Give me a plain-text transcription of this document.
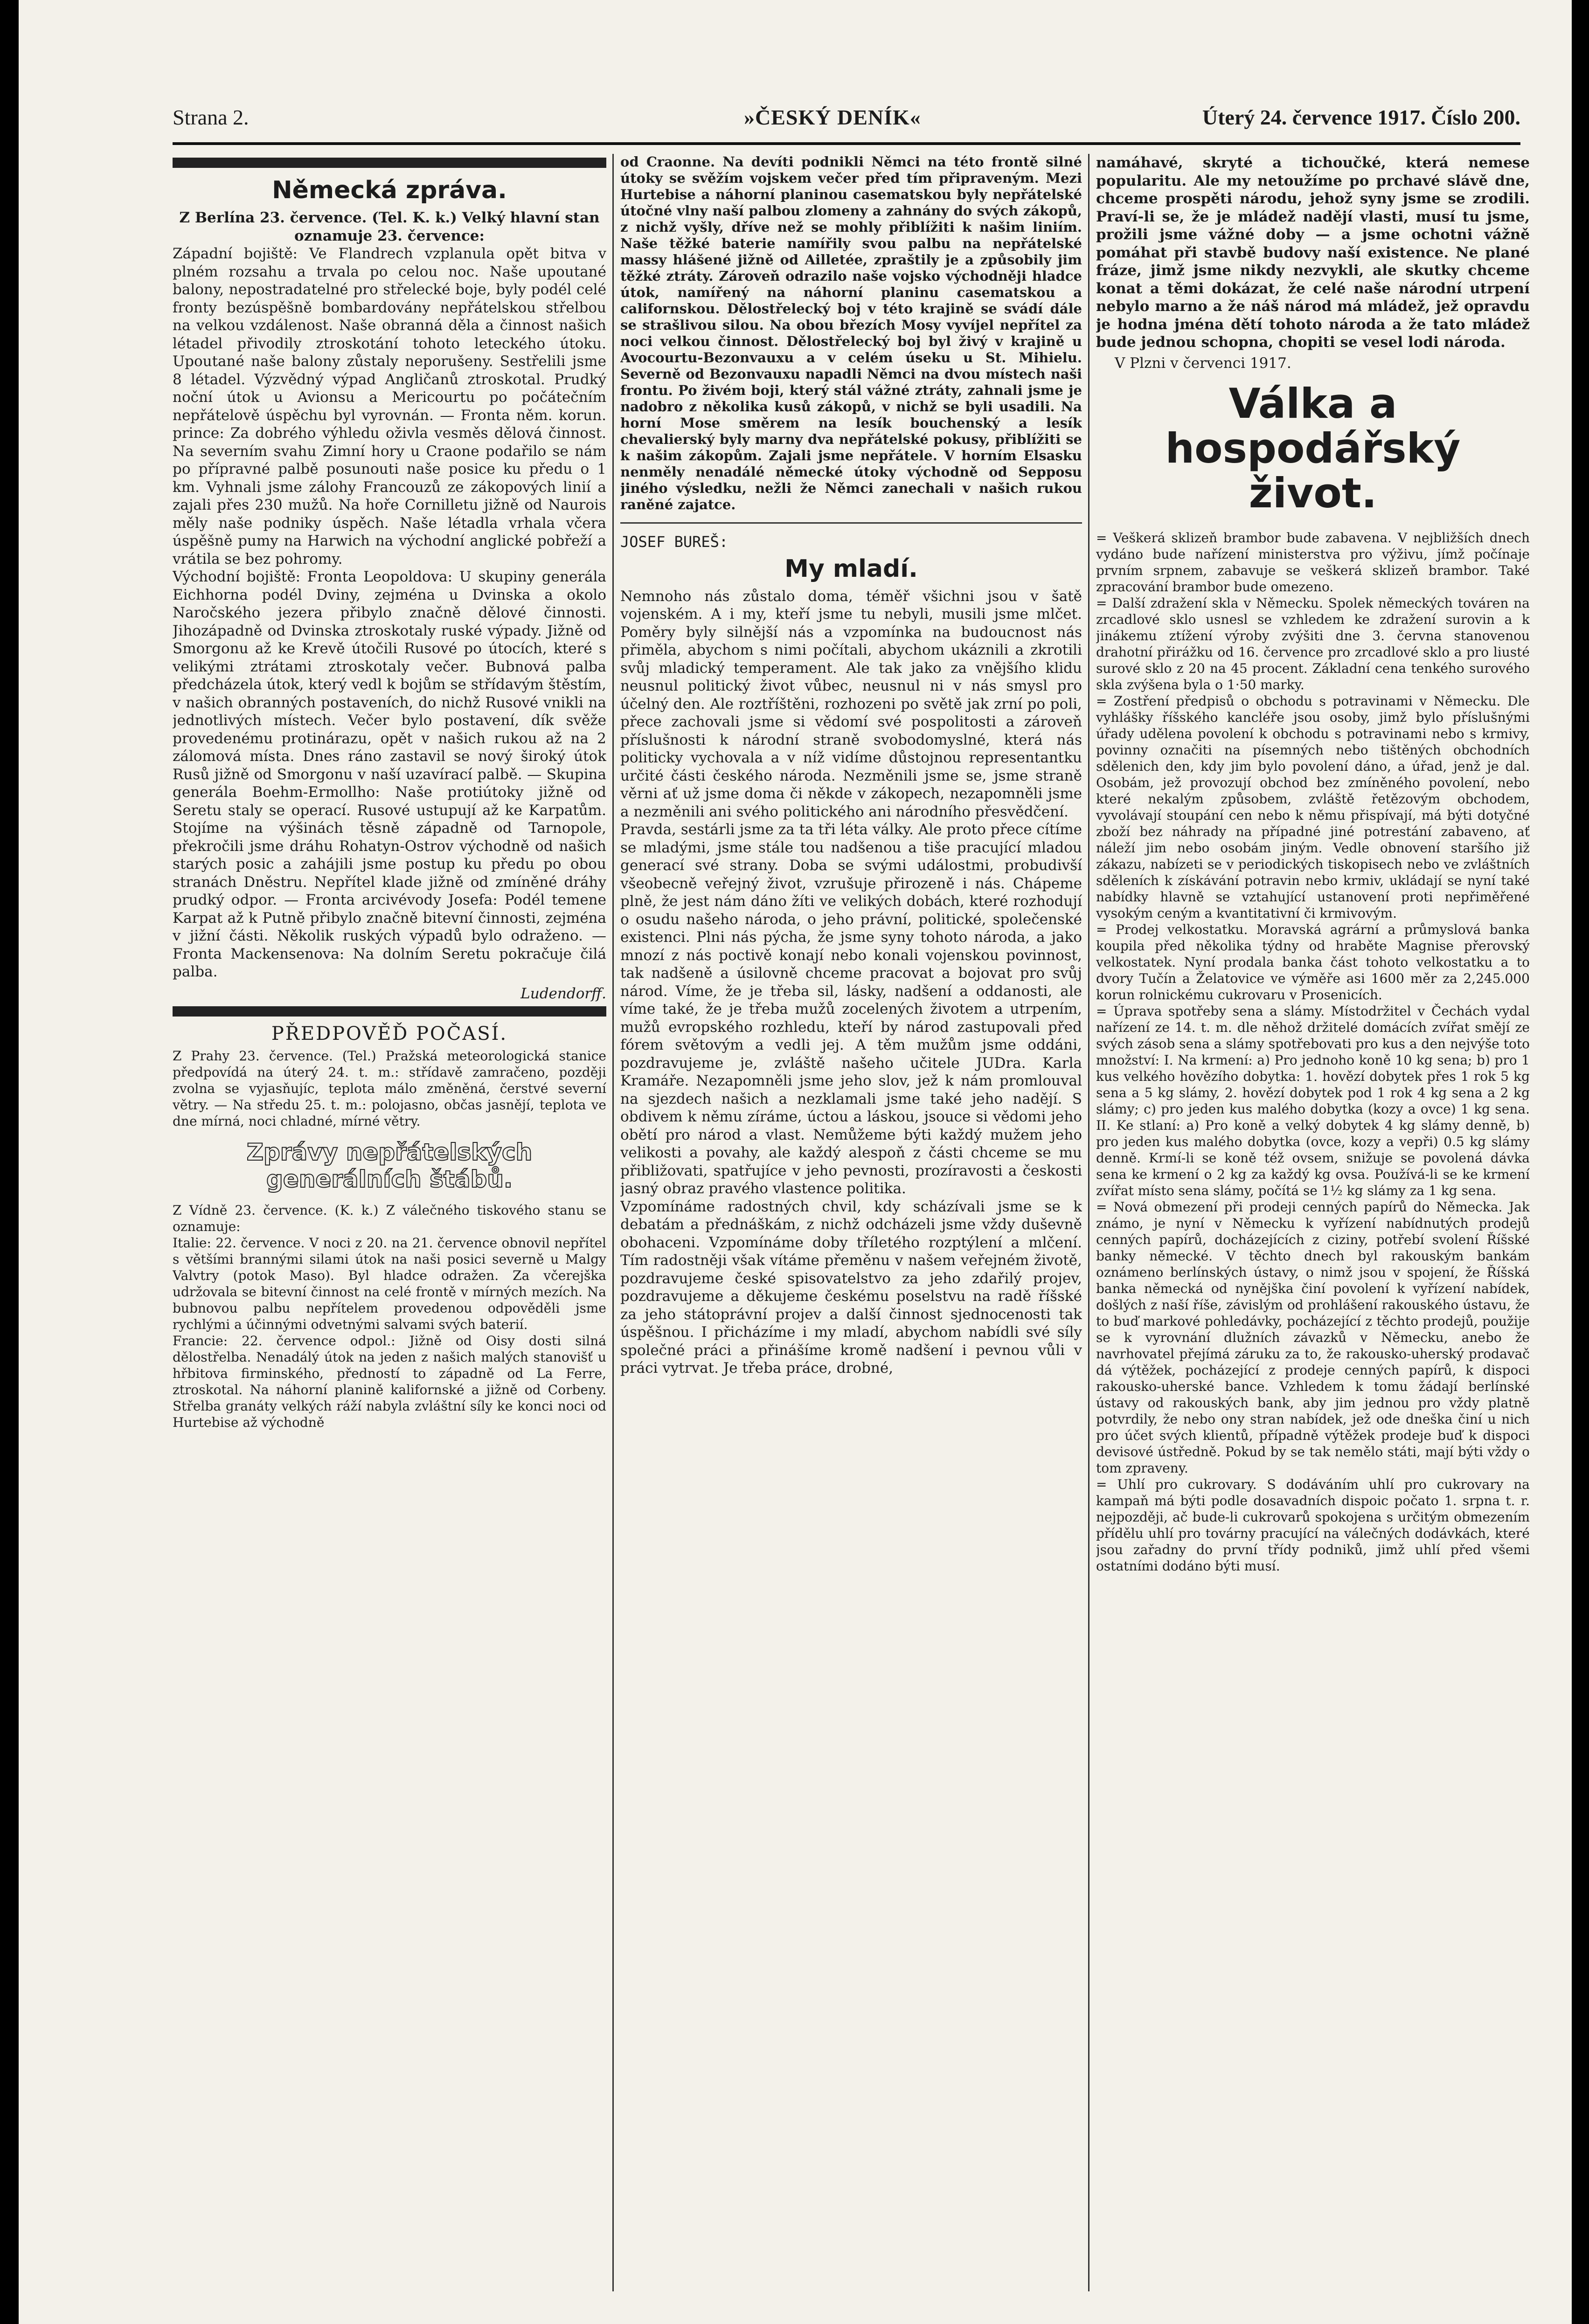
Strana 2.	»ČESKÝ DENÍK«	Úterý 24. července 1917. Číslo 200.
Německá zpráva.

Z Berlína 23. července. (Tel. K. k.) Velký hlavní stan oznamuje 23. července:

Západní bojiště: Ve Flandrech vzplanula opět bitva v plném rozsahu a trvala po celou noc. Naše upoutané balony, nepostradatelné pro střelecké boje, byly podél celé fronty bezúspěšně bombardovány nepřátelskou střelbou na velkou vzdálenost. Naše obranná děla a činnost našich létadel přivodily ztroskotání tohoto leteckého útoku. Upoutané naše balony zůstaly neporušeny. Sestřelili jsme 8 létadel. Výzvědný výpad Angličanů ztroskotal. Prudký noční útok u Avionsu a Mericourtu po počátečním nepřátelově úspěchu byl vyrovnán. — Fronta něm. korun. prince: Za dobrého výhledu oživla vesměs dělová činnost. Na severním svahu Zimní hory u Craone podařilo se nám po přípravné palbě posunouti naše posice ku předu o 1 km. Vyhnali jsme zálohy Francouzů ze zákopových linií a zajali přes 230 mužů. Na hoře Cornilletu jižně od Naurois měly naše podniky úspěch. Naše létadla vrhala včera úspěšně pumy na Harwich na východní anglické pobřeží a vrátila se bez pohromy.

Východní bojiště: Fronta Leopoldova: U skupiny generála Eichhorna podél Dviny, zejména u Dvinska a okolo Naročského jezera přibylo značně dělové činnosti. Jihozápadně od Dvinska ztroskotaly ruské výpady. Jižně od Smorgonu až ke Krevě útočili Rusové po útocích, které s velikými ztrátami ztroskotaly večer. Bubnová palba předcházela útok, který vedl k bojům se střídavým štěstím, v našich obranných postaveních, do nichž Rusové vnikli na jednotlivých místech. Večer bylo postavení, dík svěže provedenému protinárazu, opět v našich rukou až na 2 zálomová místa. Dnes ráno zastavil se nový široký útok Rusů jižně od Smorgonu v naší uzavírací palbě. — Skupina generála Boehm-Ermollho: Naše protiútoky jižně od Seretu staly se operací. Rusové ustupují až ke Karpatům. Stojíme na výšinách těsně západně od Tarnopole, překročili jsme dráhu Rohatyn-Ostrov východně od našich starých posic a zahájili jsme postup ku předu po obou stranách Dněstru. Nepřítel klade jižně od zmíněné dráhy prudký odpor. — Fronta arcivévody Josefa: Podél temene Karpat až k Putně přibylo značně bitevní činnosti, zejména v jižní části. Několik ruských výpadů bylo odraženo. — Fronta Mackensenova: Na dolním Seretu pokračuje čilá palba.

Ludendorff.

PŘEDPOVĚĎ POČASÍ.

Z Prahy 23. července. (Tel.) Pražská meteorologická stanice předpovídá na úterý 24. t. m.: střídavě zamračeno, později zvolna se vyjasňujíc, teplota málo změněná, čerstvé severní větry. — Na středu 25. t. m.: polojasno, občas jasnějí, teplota ve dne mírná, noci chladné, mírné větry.

Zprávy nepřátelských generálních štábů.

Z Vídně 23. července. (K. k.) Z válečného tiskového stanu se oznamuje:

Italie: 22. července. V noci z 20. na 21. července obnovil nepřítel s většími brannými silami útok na naši posici severně u Malgy Valvtry (potok Maso). Byl hladce odražen. Za včerejška udržovala se bitevní činnost na celé frontě v mírných mezích. Na bubnovou palbu nepřítelem provedenou odpověděli jsme rychlými a účinnými odvetnými salvami svých baterií.

Francie: 22. července odpol.: Jižně od Oisy dosti silná dělostřelba. Nenadálý útok na jeden z našich malých stanovišť u hřbitova firminského, předností to západně od La Ferre, ztroskotal. Na náhorní planině kalifornské a jižně od Corbeny. Střelba granáty velkých ráží nabyla zvláštní síly ke konci noci od Hurtebise až východně

od Craonne. Na devíti podnikli Němci na této frontě silné útoky se svěžím vojskem večer před tím připraveným. Mezi Hurtebise a náhorní planinou casematskou byly nepřátelské útočné vlny naší palbou zlomeny a zahnány do svých zákopů, z nichž vyšly, dříve než se mohly přiblížiti k našim liniím. Naše těžké baterie namířily svou palbu na nepřátelské massy hlášené jižně od Ailletée, zpraštily je a způsobily jim těžké ztráty. Zároveň odrazilo naše vojsko východněji hladce útok, namířený na náhorní planinu casematskou a californskou. Dělostřelecký boj v této krajině se svádí dále se strašlivou silou. Na obou březích Mosy vyvíjel nepřítel za noci velkou činnost. Dělostřelecký boj byl živý v krajině u Avocourtu-Bezonvauxu a v celém úseku u St. Mihielu. Severně od Bezonvauxu napadli Němci na dvou místech naši frontu. Po živém boji, který stál vážné ztráty, zahnali jsme je nadobro z několika kusů zákopů, v nichž se byli usadili. Na horní Mose směrem na lesík bouchenský a lesík chevalierský byly marny dva nepřátelské pokusy, přiblížiti se k našim zákopům. Zajali jsme nepřátele. V horním Elsasku nenměly nenadálé německé útoky východně od Sepposu jiného výsledku, nežli že Němci zanechali v našich rukou raněné zajatce.

JOSEF BUREŠ:
My mladí.

Nemnoho nás zůstalo doma, téměř všichni jsou v šatě vojenském. A i my, kteří jsme tu nebyli, musili jsme mlčet. Poměry byly silnější nás a vzpomínka na budoucnost nás přiměla, abychom s nimi počítali, abychom ukáznili a zkrotili svůj mladický temperament. Ale tak jako za vnějšího klidu neusnul politický život vůbec, neusnul ni v nás smysl pro účelný den. Ale roztříštěni, rozhozeni po světě jak zrní po poli, přece zachovali jsme si vědomí své pospolitosti a zároveň příslušnosti k národní straně svobodomyslné, která nás politicky vychovala a v níž vidíme důstojnou representantku určité části českého národa. Nezměnili jsme se, jsme straně věrni ať už jsme doma či někde v zákopech, nezapomněli jsme a nezměnili ani svého politického ani národního přesvědčení.

Pravda, sestárli jsme za ta tři léta války. Ale proto přece cítíme se mladými, jsme stále tou nadšenou a tiše pracující mladou generací své strany. Doba se svými událostmi, probudivší všeobecně veřejný život, vzrušuje přirozeně i nás. Chápeme plně, že jest nám dáno žíti ve velikých dobách, které rozhodují o osudu našeho národa, o jeho právní, politické, společenské existenci. Plni nás pýcha, že jsme syny tohoto národa, a jako mnozí z nás poctivě konají nebo konali vojenskou povinnost, tak nadšeně a úsilovně chceme pracovat a bojovat pro svůj národ. Víme, že je třeba sil, lásky, nadšení a oddanosti, ale víme také, že je třeba mužů zocelených životem a utrpením, mužů evropského rozhledu, kteří by národ zastupovali před fórem světovým a vedli jej. A těm mužům jsme oddáni, pozdravujeme je, zvláště našeho učitele JUDra. Karla Kramáře. Nezapomněli jsme jeho slov, jež k nám promlouval na sjezdech našich a nezklamali jsme také jeho nadějí. S obdivem k němu zíráme, úctou a láskou, jsouce si vědomi jeho obětí pro národ a vlast. Nemůžeme býti každý mužem jeho velikosti a povahy, ale každý alespoň z části chceme se mu přibližovati, spatřujíce v jeho pevnosti, prozíravosti a českosti jasný obraz pravého vlastence politika.

Vzpomínáme radostných chvil, kdy scházívali jsme se k debatám a přednáškám, z nichž odcházeli jsme vždy duševně obohaceni. Vzpomínáme doby tříletého rozptýlení a mlčení. Tím radostněji však vítáme přeměnu v našem veřejném životě, pozdravujeme české spisovatelstvo za jeho zdařilý projev, pozdravujeme a děkujeme českému poselstvu na radě říšské za jeho státoprávní projev a další činnost sjednocenosti tak úspěšnou. I přicházíme i my mladí, abychom nabídli své síly společné práci a přinášíme kromě nadšení i pevnou vůli v práci vytrvat. Je třeba práce, drobné,

namáhavé, skryté a tichoučké, která nemese popularitu. Ale my netoužíme po prchavé slávě dne, chceme prospěti národu, jehož syny jsme se zrodili. Praví-li se, že je mládež nadějí vlasti, musí tu jsme, prožili jsme vážné doby — a jsme ochotni vážně pomáhat při stavbě budovy naší existence. Ne plané fráze, jimž jsme nikdy nezvykli, ale skutky chceme konat a těmi dokázat, že celé naše národní utrpení nebylo marno a že náš národ má mládež, jež opravdu je hodna jména dětí tohoto národa a že tato mládež bude jednou schopna, chopiti se vesel lodi národa.

V Plzni v červenci 1917.

Válka a hospodářský život.

= Veškerá sklizeň brambor bude zabavena. V nejbližších dnech vydáno bude nařízení ministerstva pro výživu, jímž počínaje prvním srpnem, zabavuje se veškerá sklizeň brambor. Také zpracování brambor bude omezeno.

= Další zdražení skla v Německu. Spolek německých továren na zrcadlové sklo usnesl se vzhledem ke zdražení surovin a k jinákemu ztížení výroby zvýšiti dne 3. června stanovenou drahotní přirážku od 16. července pro zrcadlové sklo a pro liusté surové sklo z 20 na 45 procent. Základní cena tenkého surového skla zvýšena byla o 1·50 marky.

= Zostření předpisů o obchodu s potravinami v Německu. Dle vyhlášky říšského kancléře jsou osoby, jimž bylo příslušnými úřady udělena povolení k obchodu s potravinami nebo s krmivy, povinny označiti na písemných nebo tištěných obchodních sdělenich den, kdy jim bylo povolení dáno, a úřad, jenž je dal. Osobám, jež provozují obchod bez zmíněného povolení, nebo které nekalým způsobem, zvláště řetězovým obchodem, vyvolávají stoupání cen nebo k němu přispívají, má býti dotyčné zboží bez náhrady na případné jiné potrestání zabaveno, ať náleží jim nebo osobám jiným. Vedle obnovení staršího již zákazu, nabízeti se v periodických tiskopisech nebo ve zvláštních sděleních k získávání potravin nebo krmiv, ukládají se nyní také nabídky hlavně se vztahující ustanovení proti nepřiměřené vysokým ceným a kvantitativní či krmivovým.

= Prodej velkostatku. Moravská agrární a průmyslová banka koupila před několika týdny od hraběte Magnise přerovský velkostatek. Nyní prodala banka část tohoto velkostatku a to dvory Tučín a Želatovice ve výměře asi 1600 měr za 2,245.000 korun rolnickému cukrovaru v Prosenicích.

= Úprava spotřeby sena a slámy. Místodržitel v Čechách vydal nařízení ze 14. t. m. dle něhož držitelé domácích zvířat smějí ze svých zásob sena a slámy spotřebovati pro kus a den nejvýše toto množství: I. Na krmení: a) Pro jednoho koně 10 kg sena; b) pro 1 kus velkého hovězího dobytka: 1. hovězí dobytek přes 1 rok 5 kg sena a 5 kg slámy, 2. hovězí dobytek pod 1 rok 4 kg sena a 2 kg slámy; c) pro jeden kus malého dobytka (kozy a ovce) 1 kg sena. II. Ke stlaní: a) Pro koně a velký dobytek 4 kg slámy denně, b) pro jeden kus malého dobytka (ovce, kozy a vepři) 0.5 kg slámy denně. Krmí-li se koně též ovsem, snižuje se povolená dávka sena ke krmení o 2 kg za každý kg ovsa. Používá-li se ke krmení zvířat místo sena slámy, počítá se 1½ kg slámy za 1 kg sena.

= Nová obmezení při prodeji cenných papírů do Německa. Jak známo, je nyní v Německu k vyřízení nabídnutých prodejů cenných papírů, docházejících z ciziny, potřebí svolení Říšské banky německé. V těchto dnech byl rakouským bankám oznámeno berlínských ústavy, o nimž jsou v spojení, že Říšská banka německá od nynějška činí povolení k vyřízení nabídek, došlých z naší říše, závislým od prohlášení rakouského ústavu, že to buď markové pohledávky, pocházející z těchto prodejů, použije se k vyrovnání dlužních závazků v Německu, anebo že navrhovatel přejímá záruku za to, že rakousko-uherský prodavač dá výtěžek, pocházející z prodeje cenných papírů, k dispoci rakousko-uherské bance. Vzhledem k tomu žádají berlínské ústavy od rakouských bank, aby jim jednou pro vždy platně potvrdily, že nebo ony stran nabídek, jež ode dneška činí u nich pro účet svých klientů, případně výtěžek prodeje buď k dispoci devisové ústředně. Pokud by se tak nemělo státi, mají býti vždy o tom zpraveny.

= Uhlí pro cukrovary. S dodáváním uhlí pro cukrovary na kampaň má býti podle dosavadních dispoic počato 1. srpna t. r. nejpozději, ač bude-li cukrovarů spokojena s určitým obmezením přídělu uhlí pro továrny pracující na válečných dodávkách, které jsou zařadny do první třídy podniků, jimž uhlí před všemi ostatními dodáno býti musí.
